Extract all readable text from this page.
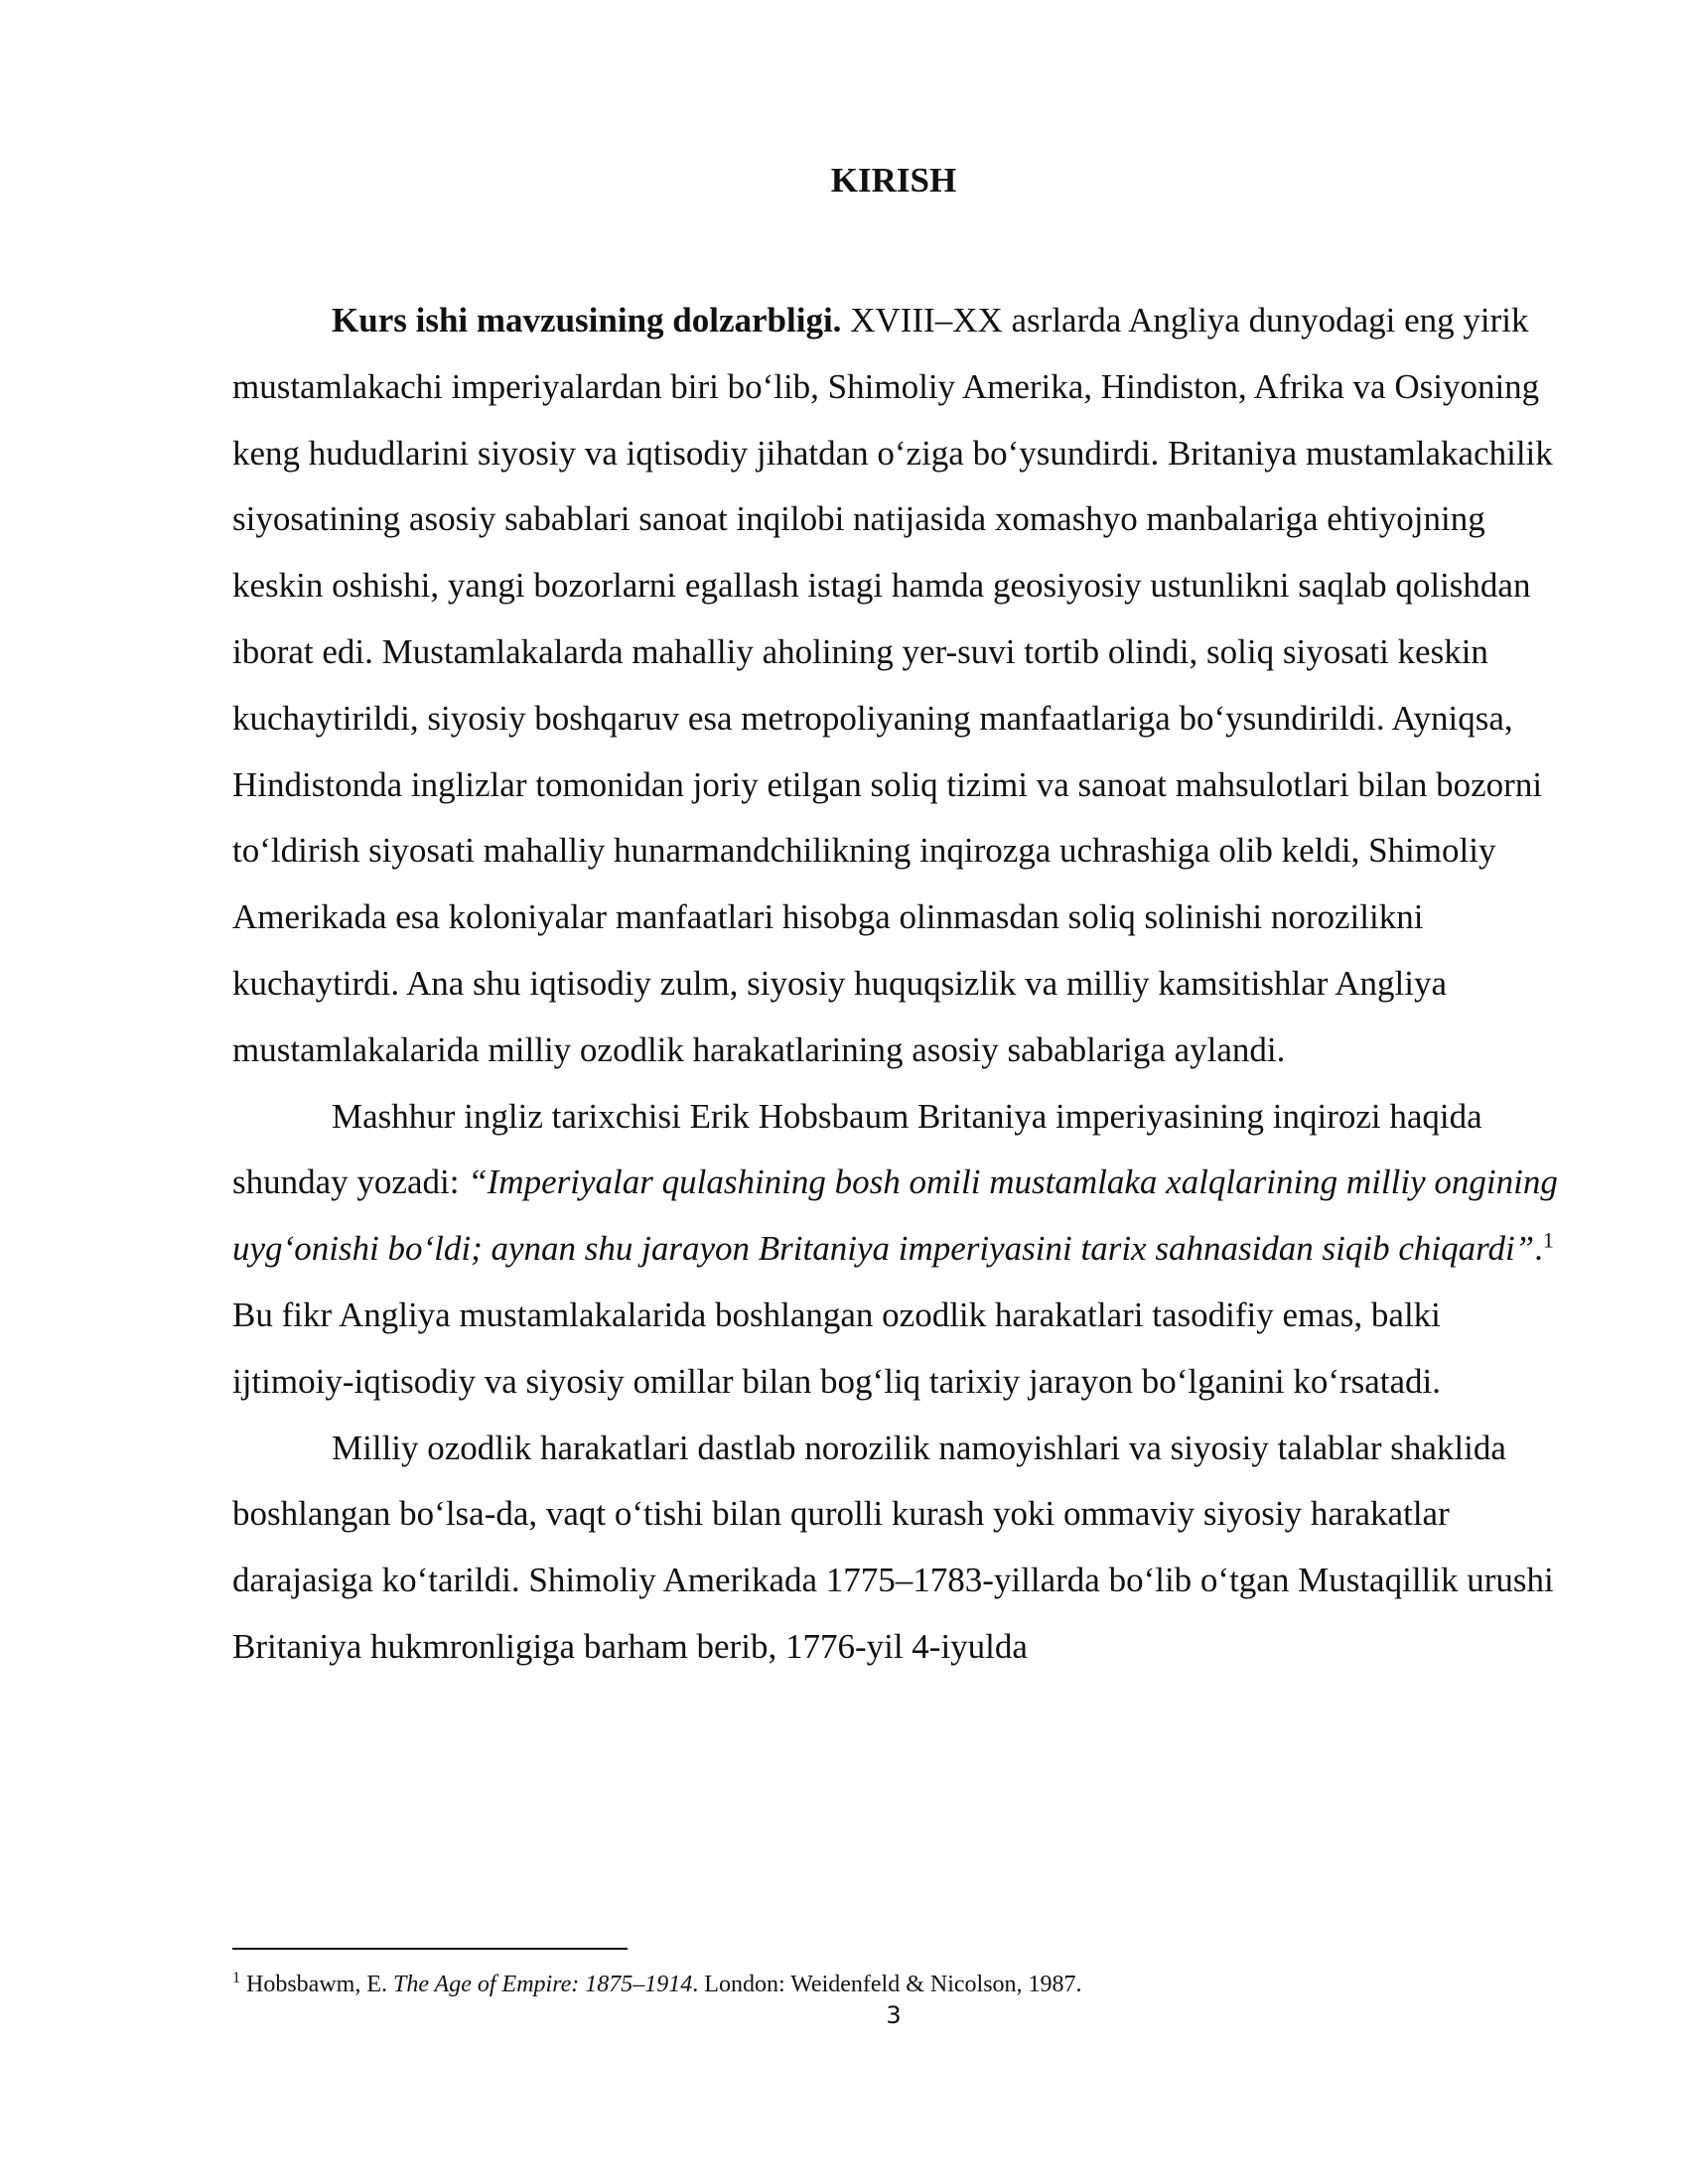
KIRISH

Kurs ishi mavzusining dolzarbligi. XVIII–XX asrlarda Angliya dunyodagi eng yirik mustamlakachi imperiyalardan biri bo‘lib, Shimoliy Amerika, Hindiston, Afrika va Osiyoning keng hududlarini siyosiy va iqtisodiy jihatdan o‘ziga bo‘ysundirdi. Britaniya mustamlakachilik siyosatining asosiy sabablari sanoat inqilobi natijasida xomashyo manbalariga ehtiyojning keskin oshishi, yangi bozorlarni egallash istagi hamda geosiyosiy ustunlikni saqlab qolishdan iborat edi. Mustamlakalarda mahalliy aholining yer-suvi tortib olindi, soliq siyosati keskin kuchaytirildi, siyosiy boshqaruv esa metropoliyaning manfaatlariga bo‘ysundirildi. Ayniqsa, Hindistonda inglizlar tomonidan joriy etilgan soliq tizimi va sanoat mahsulotlari bilan bozorni to‘ldirish siyosati mahalliy hunarmandchilikning inqirozga uchrashiga olib keldi, Shimoliy Amerikada esa koloniyalar manfaatlari hisobga olinmasdan soliq solinishi norozilikni kuchaytirdi. Ana shu iqtisodiy zulm, siyosiy huquqsizlik va milliy kamsitishlar Angliya mustamlakalarida milliy ozodlik harakatlarining asosiy sabablariga aylandi.

Mashhur ingliz tarixchisi Erik Hobsbaum Britaniya imperiyasining inqirozi haqida shunday yozadi: “Imperiyalar qulashining bosh omili mustamlaka xalqlarining milliy ongining uyg‘onishi bo‘ldi; aynan shu jarayon Britaniya imperiyasini tarix sahnasidan siqib chiqardi”.$^1$ Bu fikr Angliya mustamlakalarida boshlangan ozodlik harakatlari tasodifiy emas, balki ijtimoiy-iqtisodiy va siyosiy omillar bilan bog‘liq tarixiy jarayon bo‘lganini ko‘rsatadi.

Milliy ozodlik harakatlari dastlab norozilik namoyishlari va siyosiy talablar shaklida boshlangan bo‘lsa-da, vaqt o‘tishi bilan qurolli kurash yoki ommaviy siyosiy harakatlar darajasiga ko‘tarildi. Shimoliy Amerikada 1775–1783-yillarda bo‘lib o‘tgan Mustaqillik urushi Britaniya hukmronligiga barham berib, 1776-yil 4-iyulda

$^1$ Hobsbawm, E. The Age of Empire: 1875–1914. London: Weidenfeld & Nicolson, 1987.
3
